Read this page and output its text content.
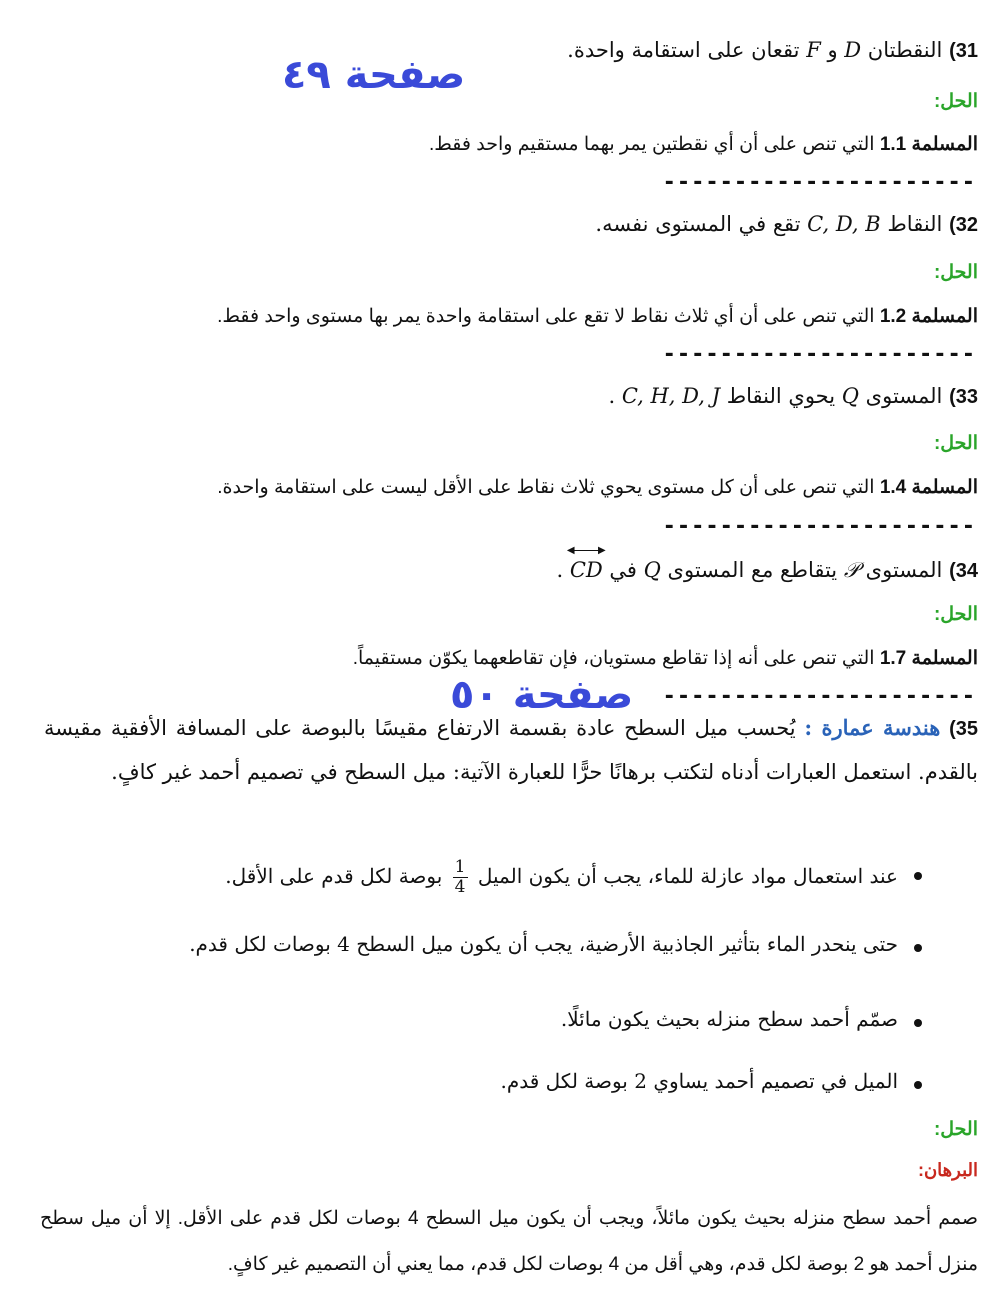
صفحة ٤٩
31) النقطتان D و F تقعان على استقامة واحدة.
الحل:
المسلمة 1.1 التي تنص على أن أي نقطتين يمر بهما مستقيم واحد فقط.
----------------------
32) النقاط C, D, B تقع في المستوى نفسه.
الحل:
المسلمة 1.2 التي تنص على أن أي ثلاث نقاط لا تقع على استقامة واحدة يمر بها مستوى واحد فقط.
----------------------
33) المستوى Q يحوي النقاط C, H, D, J .
الحل:
المسلمة 1.4 التي تنص على أن كل مستوى يحوي ثلاث نقاط على الأقل ليست على استقامة واحدة.
----------------------
34) المستوى 𝒫 يتقاطع مع المستوى Q في
◀ ▶
CD .
الحل:
المسلمة 1.7 التي تنص على أنه إذا تقاطع مستويان، فإن تقاطعهما يكوّن مستقيماً.
صفحة ٥٠ ----------------------
35) هندسة عمارة : يُحسب ميل السطح عادة بقسمة الارتفاع مقيسًا بالبوصة على المسافة الأفقية مقيسة بالقدم. استعمل العبارات أدناه لتكتب برهانًا حرًّا للعبارة الآتية: ميل السطح في تصميم أحمد غير كافٍ.
عند استعمال مواد عازلة للماء، يجب أن يكون الميل
$\frac{1}{4}$
بوصة لكل قدم على الأقل.
حتى ينحدر الماء بتأثير الجاذبية الأرضية، يجب أن يكون ميل السطح 4 بوصات لكل قدم.
صمّم أحمد سطح منزله بحيث يكون مائلًا.
الميل في تصميم أحمد يساوي 2 بوصة لكل قدم.
الحل:
البرهان:
صمم أحمد سطح منزله بحيث يكون مائلاً، ويجب أن يكون ميل السطح 4 بوصات لكل قدم على الأقل. إلا أن ميل سطح منزل أحمد هو 2 بوصة لكل قدم، وهي أقل من 4 بوصات لكل قدم، مما يعني أن التصميم غير كافٍ.
